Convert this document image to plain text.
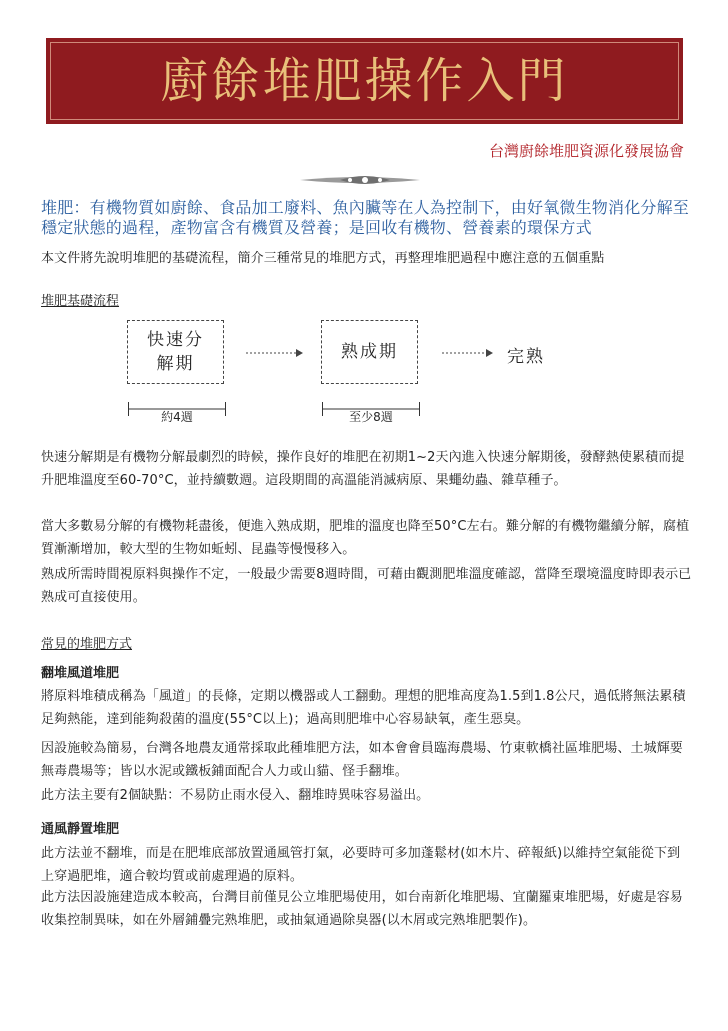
廚餘堆肥操作入門
台灣廚餘堆肥資源化發展協會
堆肥：有機物質如廚餘、食品加工廢料、魚內臟等在人為控制下，由好氧微生物消化分解至穩定狀態的過程，產物富含有機質及營養；是回收有機物、營養素的環保方式
本文件將先說明堆肥的基礎流程，簡介三種常見的堆肥方式，再整理堆肥過程中應注意的五個重點
堆肥基礎流程
快速分
解期
熟成期	完熟
約4週	至少8週
快速分解期是有機物分解最劇烈的時候，操作良好的堆肥在初期1~2天內進入快速分解期後，發酵熱使累積而提升肥堆溫度至60-70°C，並持續數週。這段期間的高溫能消滅病原、果蠅幼蟲、雜草種子。
當大多數易分解的有機物耗盡後，便進入熟成期，肥堆的溫度也降至50°C左右。難分解的有機物繼續分解，腐植質漸漸增加，較大型的生物如蚯蚓、昆蟲等慢慢移入。
熟成所需時間視原料與操作不定，一般最少需要8週時間，可藉由觀測肥堆溫度確認，當降至環境溫度時即表示已熟成可直接使用。
常見的堆肥方式
翻堆風道堆肥
將原料堆積成稱為「風道」的長條，定期以機器或人工翻動。理想的肥堆高度為1.5到1.8公尺，過低將無法累積足夠熱能，達到能夠殺菌的溫度(55°C以上)；過高則肥堆中心容易缺氧，產生惡臭。
因設施較為簡易，台灣各地農友通常採取此種堆肥方法，如本會會員臨海農場、竹東軟橋社區堆肥場、土城輝要無毒農場等；皆以水泥或鐵板鋪面配合人力或山貓、怪手翻堆。
此方法主要有2個缺點：不易防止雨水侵入、翻堆時異味容易溢出。
通風靜置堆肥
此方法並不翻堆，而是在肥堆底部放置通風管打氣，必要時可多加蓬鬆材(如木片、碎報紙)以維持空氣能從下到上穿過肥堆，適合較均質或前處理過的原料。
此方法因設施建造成本較高，台灣目前僅見公立堆肥場使用，如台南新化堆肥場、宜蘭羅東堆肥場，好處是容易收集控制異味，如在外層鋪疊完熟堆肥，或抽氣通過除臭器(以木屑或完熟堆肥製作)。
